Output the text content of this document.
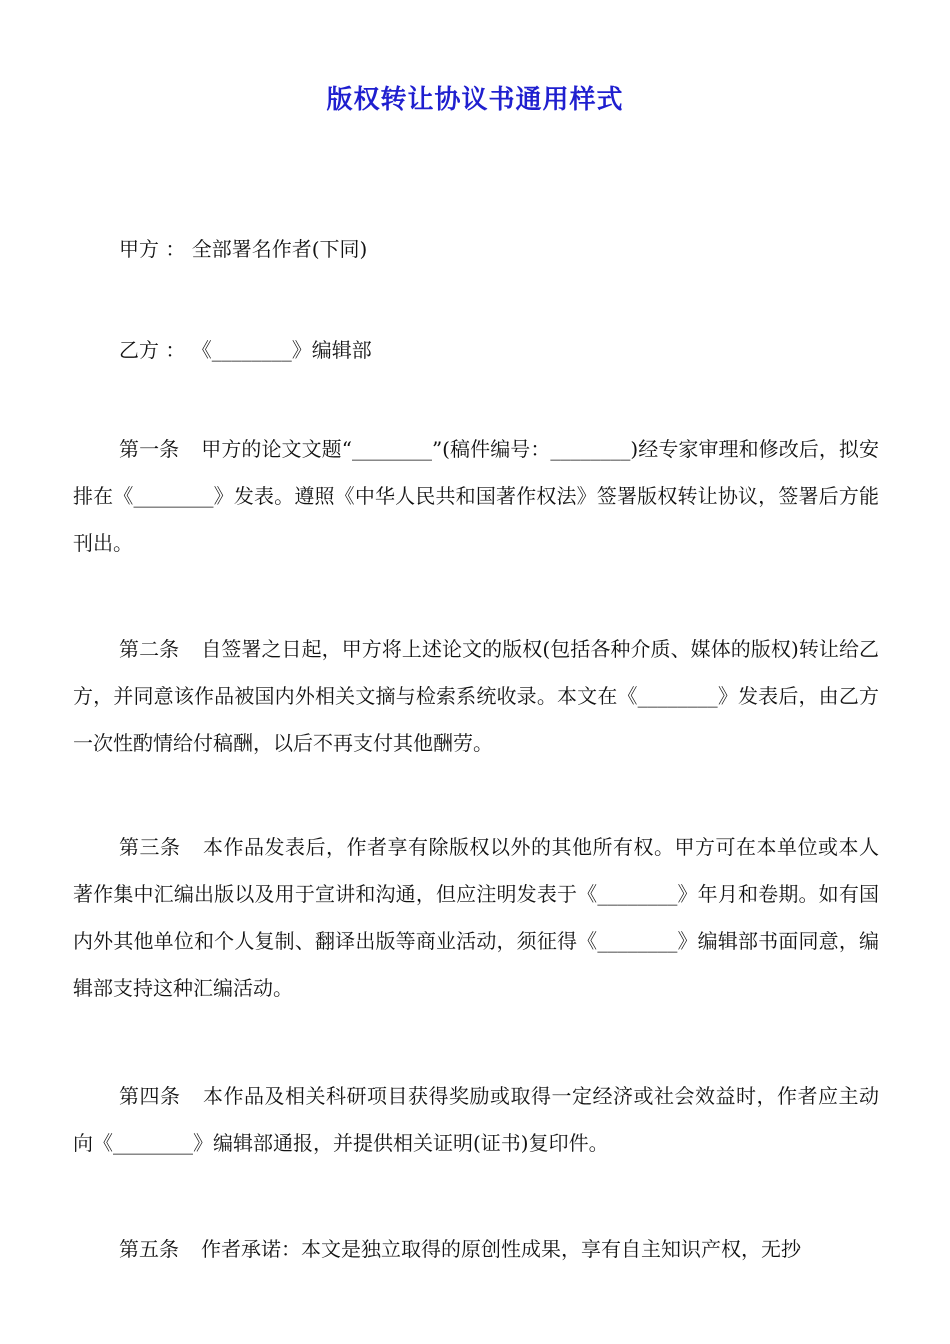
版权转让协议书通用样式
甲方 ： 全部署名作者(下同)
乙方 ： 《________》编辑部
第一条 甲方的论文文题“________”(稿件编号：________)经专家审理和修改后，拟安排在《________》发表。遵照《中华人民共和国著作权法》签署版权转让协议，签署后方能刊出。
第二条 自签署之日起，甲方将上述论文的版权(包括各种介质、媒体的版权)转让给乙方，并同意该作品被国内外相关文摘与检索系统收录。本文在《________》发表后，由乙方一次性酌情给付稿酬，以后不再支付其他酬劳。
第三条 本作品发表后，作者享有除版权以外的其他所有权。甲方可在本单位或本人著作集中汇编出版以及用于宣讲和沟通，但应注明发表于《________》年月和卷期。如有国内外其他单位和个人复制、翻译出版等商业活动，须征得《________》编辑部书面同意，编辑部支持这种汇编活动。
第四条 本作品及相关科研项目获得奖励或取得一定经济或社会效益时，作者应主动向《________》编辑部通报，并提供相关证明(证书)复印件。
第五条 作者承诺：本文是独立取得的原创性成果，享有自主知识产权，无抄
